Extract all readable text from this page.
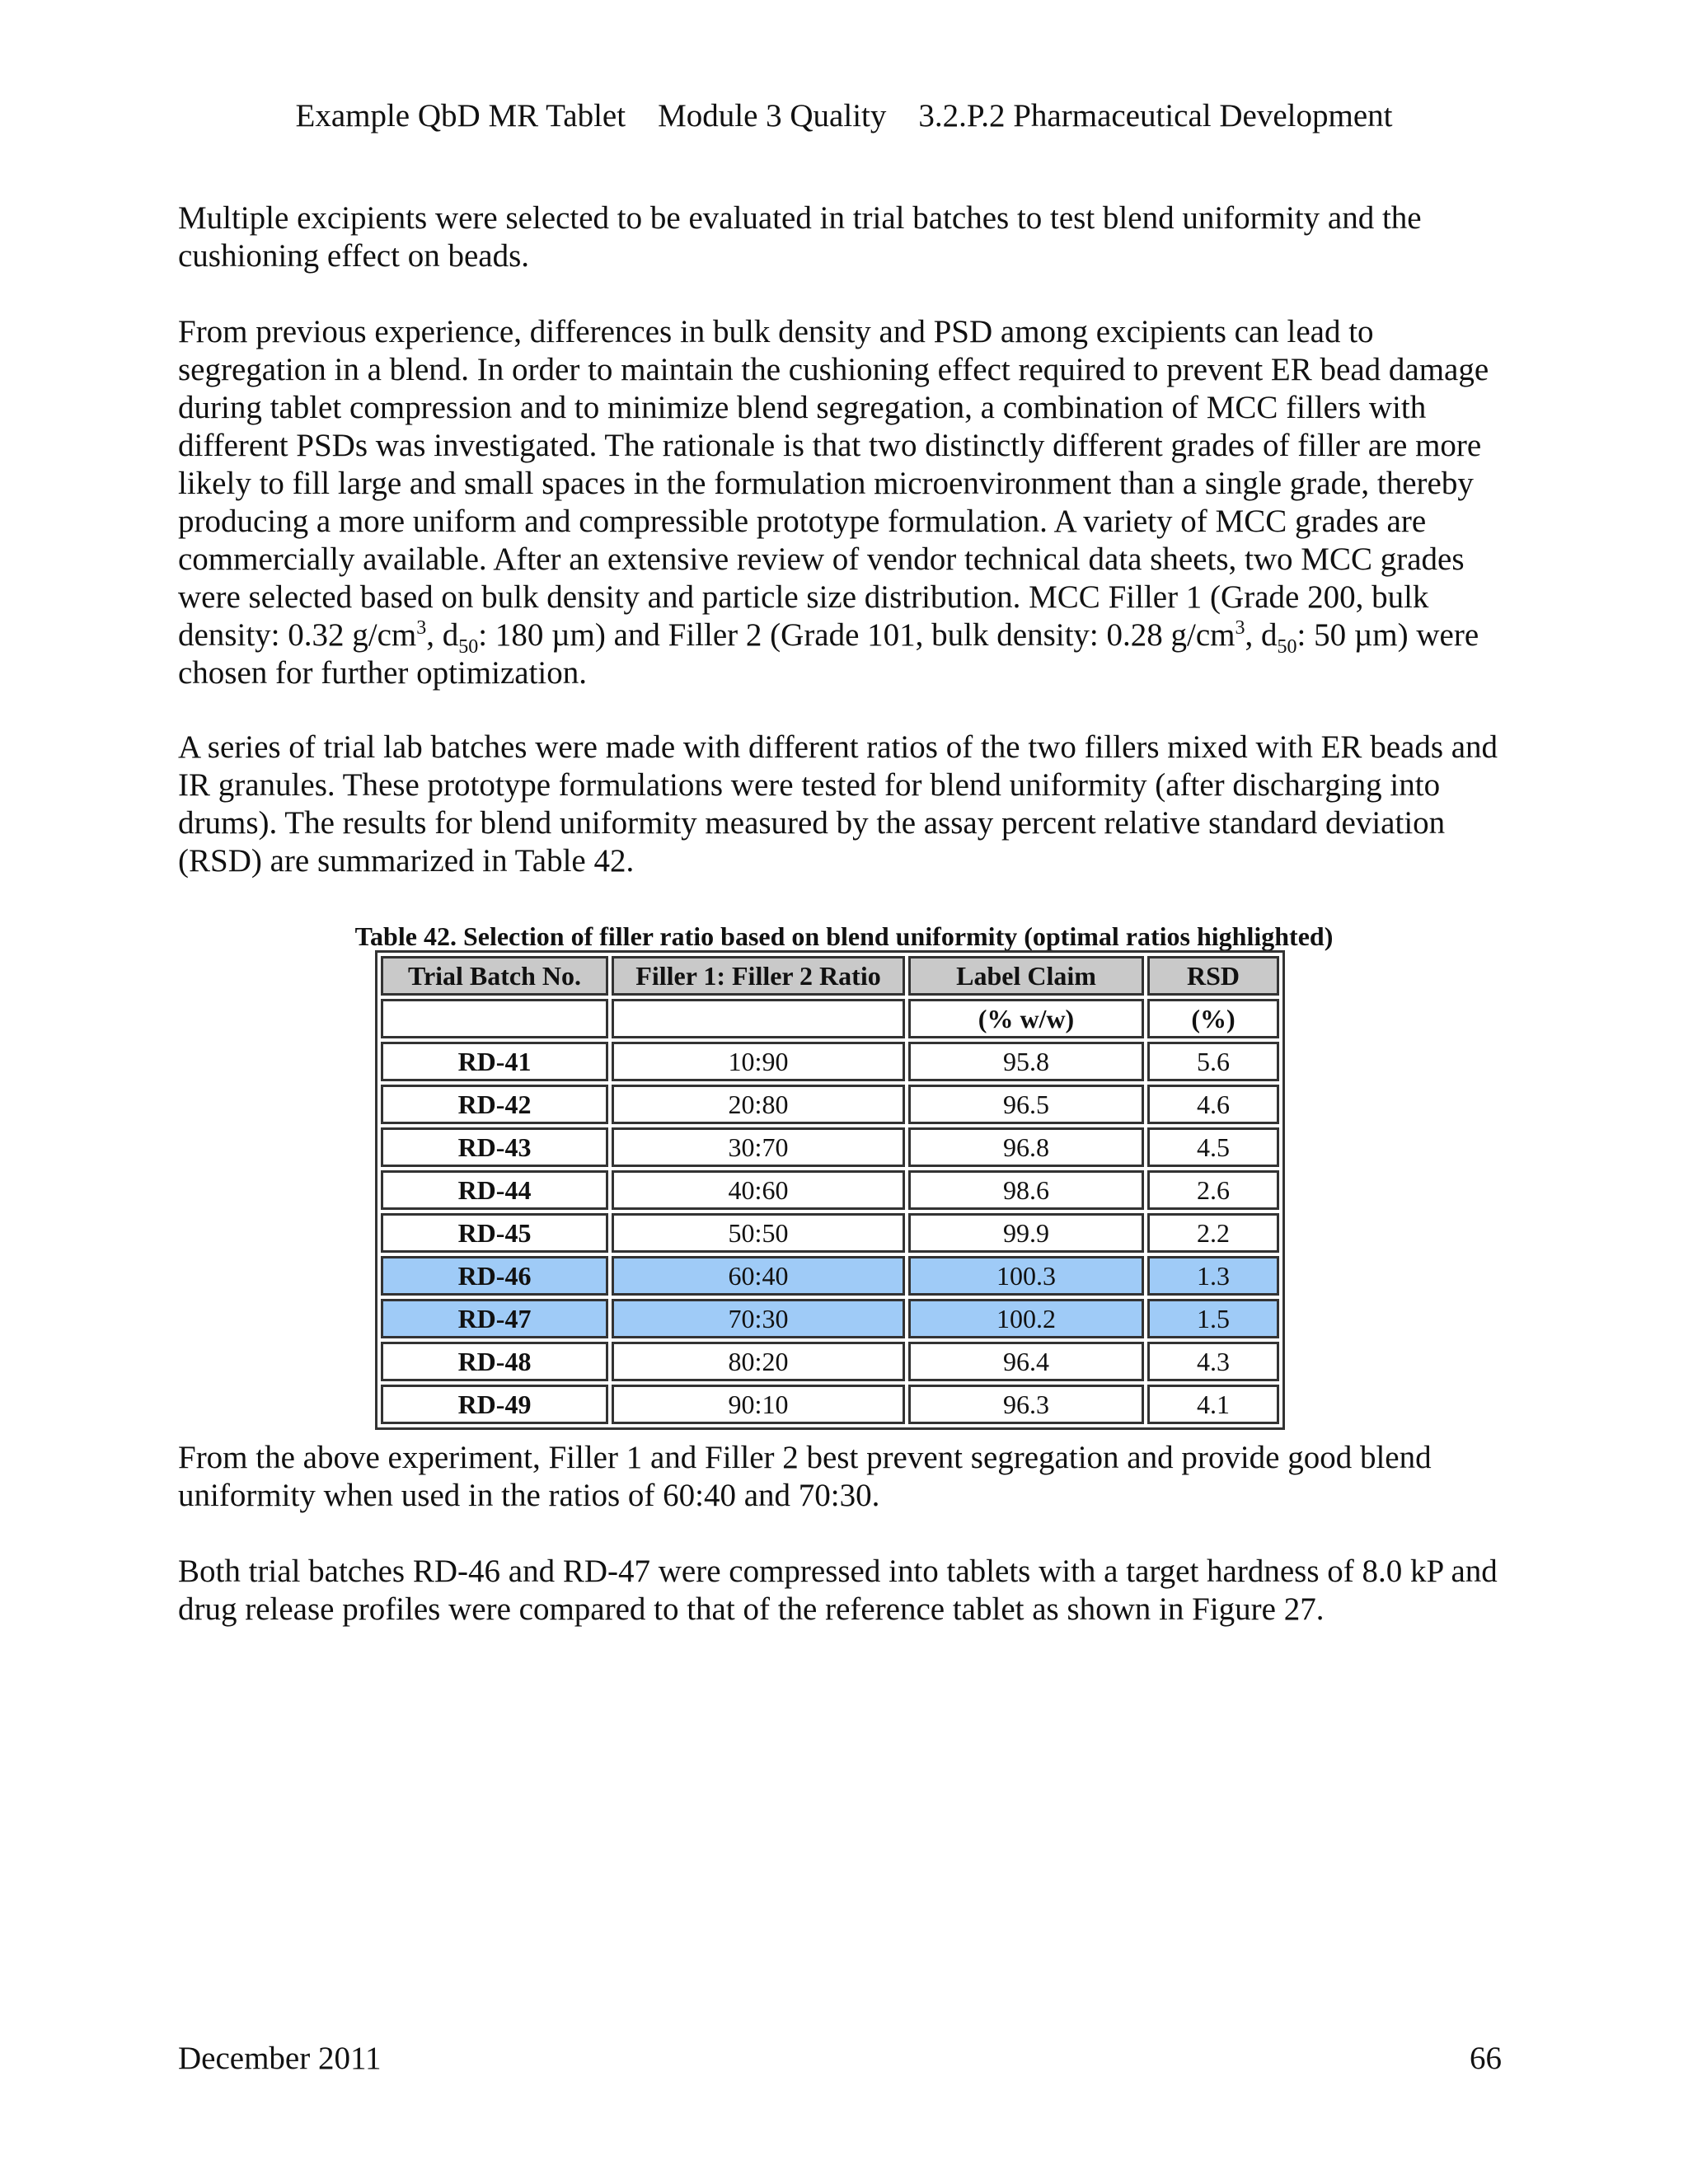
Example QbD MR Tablet    Module 3 Quality    3.2.P.2 Pharmaceutical Development

Multiple excipients were selected to be evaluated in trial batches to test blend uniformity and the cushioning effect on beads.

From previous experience, differences in bulk density and PSD among excipients can lead to segregation in a blend. In order to maintain the cushioning effect required to prevent ER bead damage during tablet compression and to minimize blend segregation, a combination of MCC fillers with different PSDs was investigated. The rationale is that two distinctly different grades of filler are more likely to fill large and small spaces in the formulation microenvironment than a single grade, thereby producing a more uniform and compressible prototype formulation. A variety of MCC grades are commercially available. After an extensive review of vendor technical data sheets, two MCC grades were selected based on bulk density and particle size distribution. MCC Filler 1 (Grade 200, bulk density: 0.32 $g/cm^3$, $d_{50}$: 180 µm) and Filler 2 (Grade 101, bulk density: 0.28 $g/cm^3$, $d_{50}$: 50 µm) were chosen for further optimization.

A series of trial lab batches were made with different ratios of the two fillers mixed with ER beads and IR granules. These prototype formulations were tested for blend uniformity (after discharging into drums). The results for blend uniformity measured by the assay percent relative standard deviation (RSD) are summarized in Table 42.

Table 42. Selection of filler ratio based on blend uniformity (optimal ratios highlighted)
Trial Batch No.	Filler 1: Filler 2 Ratio	Label Claim	RSD
		(% w/w)	(%)
RD-41	10:90	95.8	5.6
RD-42	20:80	96.5	4.6
RD-43	30:70	96.8	4.5
RD-44	40:60	98.6	2.6
RD-45	50:50	99.9	2.2
RD-46	60:40	100.3	1.3
RD-47	70:30	100.2	1.5
RD-48	80:20	96.4	4.3
RD-49	90:10	96.3	4.1

From the above experiment, Filler 1 and Filler 2 best prevent segregation and provide good blend uniformity when used in the ratios of 60:40 and 70:30.

Both trial batches RD-46 and RD-47 were compressed into tablets with a target hardness of 8.0 kP and drug release profiles were compared to that of the reference tablet as shown in Figure 27.

December 2011	66
